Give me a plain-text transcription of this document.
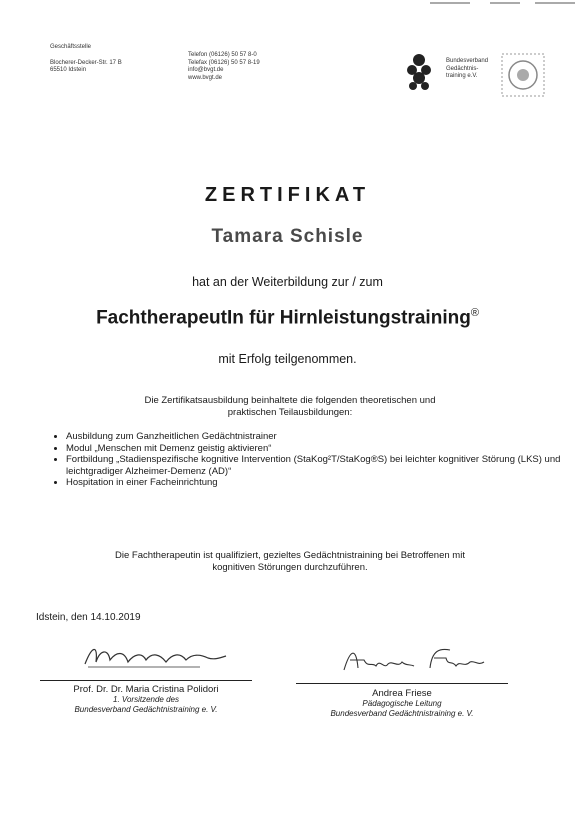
Geschäftsstelle
Blocherer-Decker-Str. 17 B
65510 Idstein
Telefon (06126) 50 57 8-0
Telefax (06126) 50 57 8-19
info@bvgt.de
www.bvgt.de
Bundesverband
Gedächtnis-
training e.V.
ZERTIFIKAT
Tamara Schisle
hat an der Weiterbildung zur / zum
FachtherapeutIn für Hirnleistungstraining®
mit Erfolg teilgenommen.
Die Zertifikatsausbildung beinhaltete die folgenden theoretischen und
praktischen Teilausbildungen:
• Ausbildung zum Ganzheitlichen Gedächtnistrainer
• Modul „Menschen mit Demenz geistig aktivieren“
• Fortbildung „Stadienspezifische kognitive Intervention (StaKog²T/StaKog®S) bei leichter kognitiver Störung (LKS) und leichtgradiger Alzheimer-Demenz (AD)“
• Hospitation in einer Facheinrichtung
Die Fachtherapeutin ist qualifiziert, gezieltes Gedächtnistraining bei Betroffenen mit
kognitiven Störungen durchzuführen.
Idstein, den 14.10.2019
Prof. Dr. Dr. Maria Cristina Polidori
1. Vorsitzende des
Bundesverband Gedächtnistraining e. V.
Andrea Friese
Pädagogische Leitung
Bundesverband Gedächtnistraining e. V.
